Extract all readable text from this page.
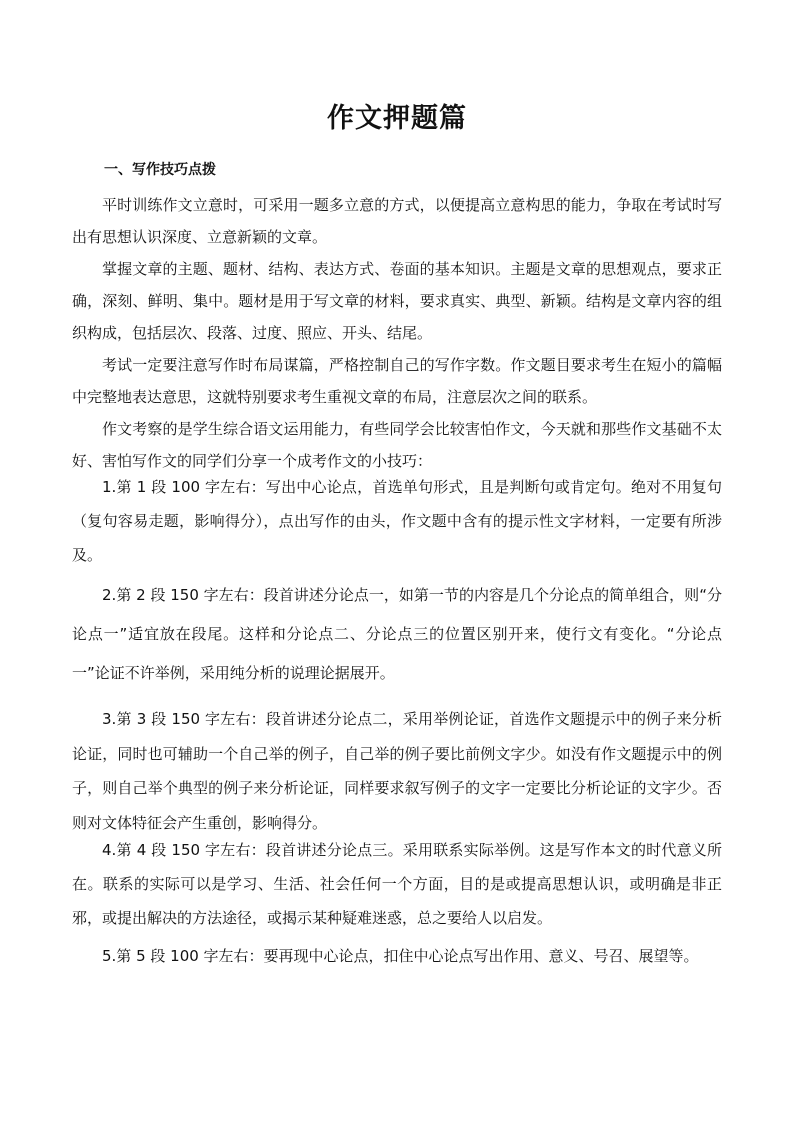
作文押题篇
一、写作技巧点拨
平时训练作文立意时，可采用一题多立意的方式，以便提高立意构思的能力，争取在考试时写出有思想认识深度、立意新颖的文章。
掌握文章的主题、题材、结构、表达方式、卷面的基本知识。主题是文章的思想观点，要求正确，深刻、鲜明、集中。题材是用于写文章的材料，要求真实、典型、新颖。结构是文章内容的组织构成，包括层次、段落、过度、照应、开头、结尾。
考试一定要注意写作时布局谋篇，严格控制自己的写作字数。作文题目要求考生在短小的篇幅中完整地表达意思，这就特别要求考生重视文章的布局，注意层次之间的联系。
作文考察的是学生综合语文运用能力，有些同学会比较害怕作文，今天就和那些作文基础不太好、害怕写作文的同学们分享一个成考作文的小技巧：
1.第 1 段 100 字左右：写出中心论点，首选单句形式，且是判断句或肯定句。绝对不用复句（复句容易走题，影响得分），点出写作的由头，作文题中含有的提示性文字材料，一定要有所涉及。
2.第 2 段 150 字左右：段首讲述分论点一，如第一节的内容是几个分论点的简单组合，则“分论点一”适宜放在段尾。这样和分论点二、分论点三的位置区别开来，使行文有变化。“分论点一”论证不许举例，采用纯分析的说理论据展开。
3.第 3 段 150 字左右：段首讲述分论点二，采用举例论证，首选作文题提示中的例子来分析论证，同时也可辅助一个自己举的例子，自己举的例子要比前例文字少。如没有作文题提示中的例子，则自己举个典型的例子来分析论证，同样要求叙写例子的文字一定要比分析论证的文字少。否则对文体特征会产生重创，影响得分。
4.第 4 段 150 字左右：段首讲述分论点三。采用联系实际举例。这是写作本文的时代意义所在。联系的实际可以是学习、生活、社会任何一个方面，目的是或提高思想认识，或明确是非正邪，或提出解决的方法途径，或揭示某种疑难迷惑，总之要给人以启发。
5.第 5 段 100 字左右：要再现中心论点，扣住中心论点写出作用、意义、号召、展望等。
